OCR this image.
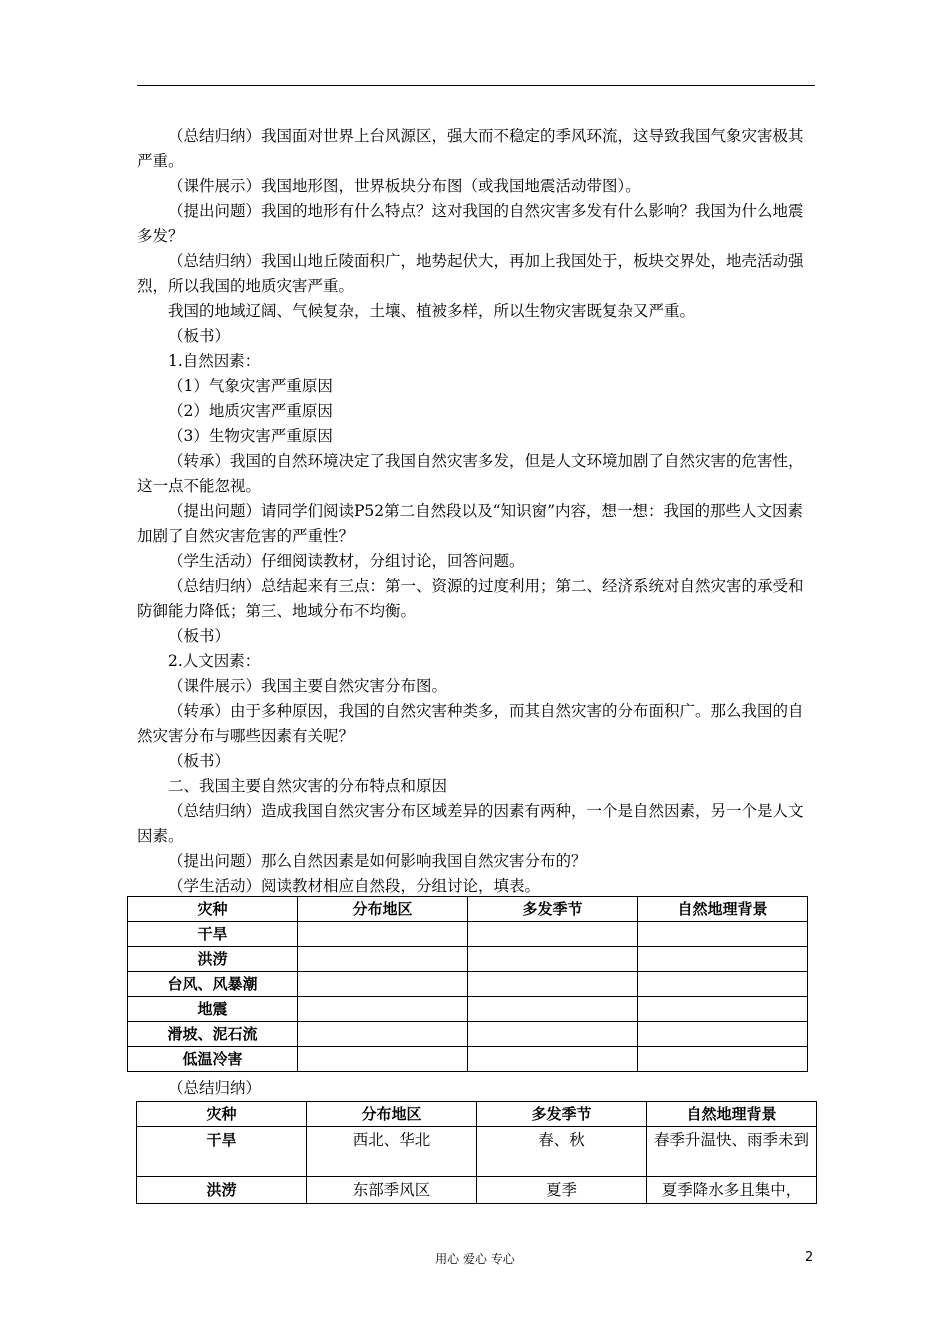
（总结归纳）我国面对世界上台风源区，强大而不稳定的季风环流，这导致我国气象灾害极其严重。

（课件展示）我国地形图，世界板块分布图（或我国地震活动带图）。

（提出问题）我国的地形有什么特点？这对我国的自然灾害多发有什么影响？我国为什么地震多发？

（总结归纳）我国山地丘陵面积广，地势起伏大，再加上我国处于，板块交界处，地壳活动强烈，所以我国的地质灾害严重。

我国的地域辽阔、气候复杂，土壤、植被多样，所以生物灾害既复杂又严重。

（板书）

1.自然因素：

（1）气象灾害严重原因

（2）地质灾害严重原因

（3）生物灾害严重原因

（转承）我国的自然环境决定了我国自然灾害多发，但是人文环境加剧了自然灾害的危害性，这一点不能忽视。

（提出问题）请同学们阅读P52第二自然段以及“知识窗”内容，想一想：我国的那些人文因素加剧了自然灾害危害的严重性？

（学生活动）仔细阅读教材，分组讨论，回答问题。

（总结归纳）总结起来有三点：第一、资源的过度利用；第二、经济系统对自然灾害的承受和防御能力降低；第三、地域分布不均衡。

（板书）

2.人文因素：

（课件展示）我国主要自然灾害分布图。

（转承）由于多种原因，我国的自然灾害种类多，而其自然灾害的分布面积广。那么我国的自然灾害分布与哪些因素有关呢？

（板书）

二、我国主要自然灾害的分布特点和原因

（总结归纳）造成我国自然灾害分布区域差异的因素有两种，一个是自然因素，另一个是人文因素。

（提出问题）那么自然因素是如何影响我国自然灾害分布的？

（学生活动）阅读教材相应自然段，分组讨论，填表。

灾种	分布地区	多发季节	自然地理背景
干旱			
洪涝			
台风、风暴潮			
地震			
滑坡、泥石流			
低温冷害			

（总结归纳）

灾种	分布地区	多发季节	自然地理背景
干旱	西北、华北	春、秋	春季升温快、雨季未到
洪涝	东部季风区	夏季	夏季降水多且集中，
用心 爱心 专心	2
